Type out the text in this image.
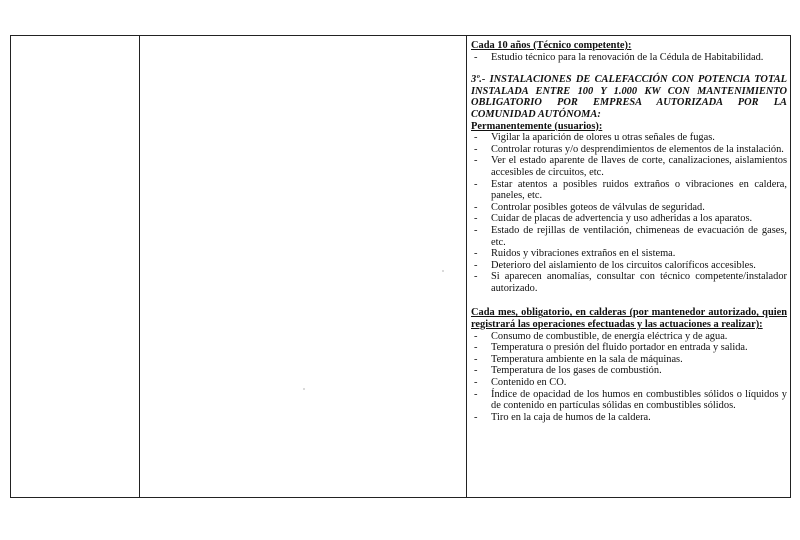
Cada 10 años (Técnico competente):
- Estudio técnico para la renovación de la Cédula de Habitabilidad.
3º.- INSTALACIONES DE CALEFACCIÓN CON POTENCIA TOTAL INSTALADA ENTRE 100 Y 1.000 KW CON MANTENIMIENTO OBLIGATORIO POR EMPRESA AUTORIZADA POR LA COMUNIDAD AUTÓNOMA:
Permanentemente (usuarios):
- Vigilar la aparición de olores u otras señales de fugas.
- Controlar roturas y/o desprendimientos de elementos de la instalación.
- Ver el estado aparente de llaves de corte, canalizaciones, aislamientos accesibles de circuitos, etc.
- Estar atentos a posibles ruidos extraños o vibraciones en caldera, paneles, etc.
- Controlar posibles goteos de válvulas de seguridad.
- Cuidar de placas de advertencia y uso adheridas a los aparatos.
- Estado de rejillas de ventilación, chimeneas de evacuación de gases, etc.
- Ruidos y vibraciones extraños en el sistema.
- Deterioro del aislamiento de los circuitos caloríficos accesibles.
- Si aparecen anomalías, consultar con técnico competente/instalador autorizado.
Cada mes, obligatorio, en calderas (por mantenedor autorizado, quien registrará las operaciones efectuadas y las actuaciones a realizar):
- Consumo de combustible, de energía eléctrica y de agua.
- Temperatura o presión del fluido portador en entrada y salida.
- Temperatura ambiente en la sala de máquinas.
- Temperatura de los gases de combustión.
- Contenido en CO.
- Índice de opacidad de los humos en combustibles sólidos o líquidos y de contenido en partículas sólidas en combustibles sólidos.
- Tiro en la caja de humos de la caldera.
